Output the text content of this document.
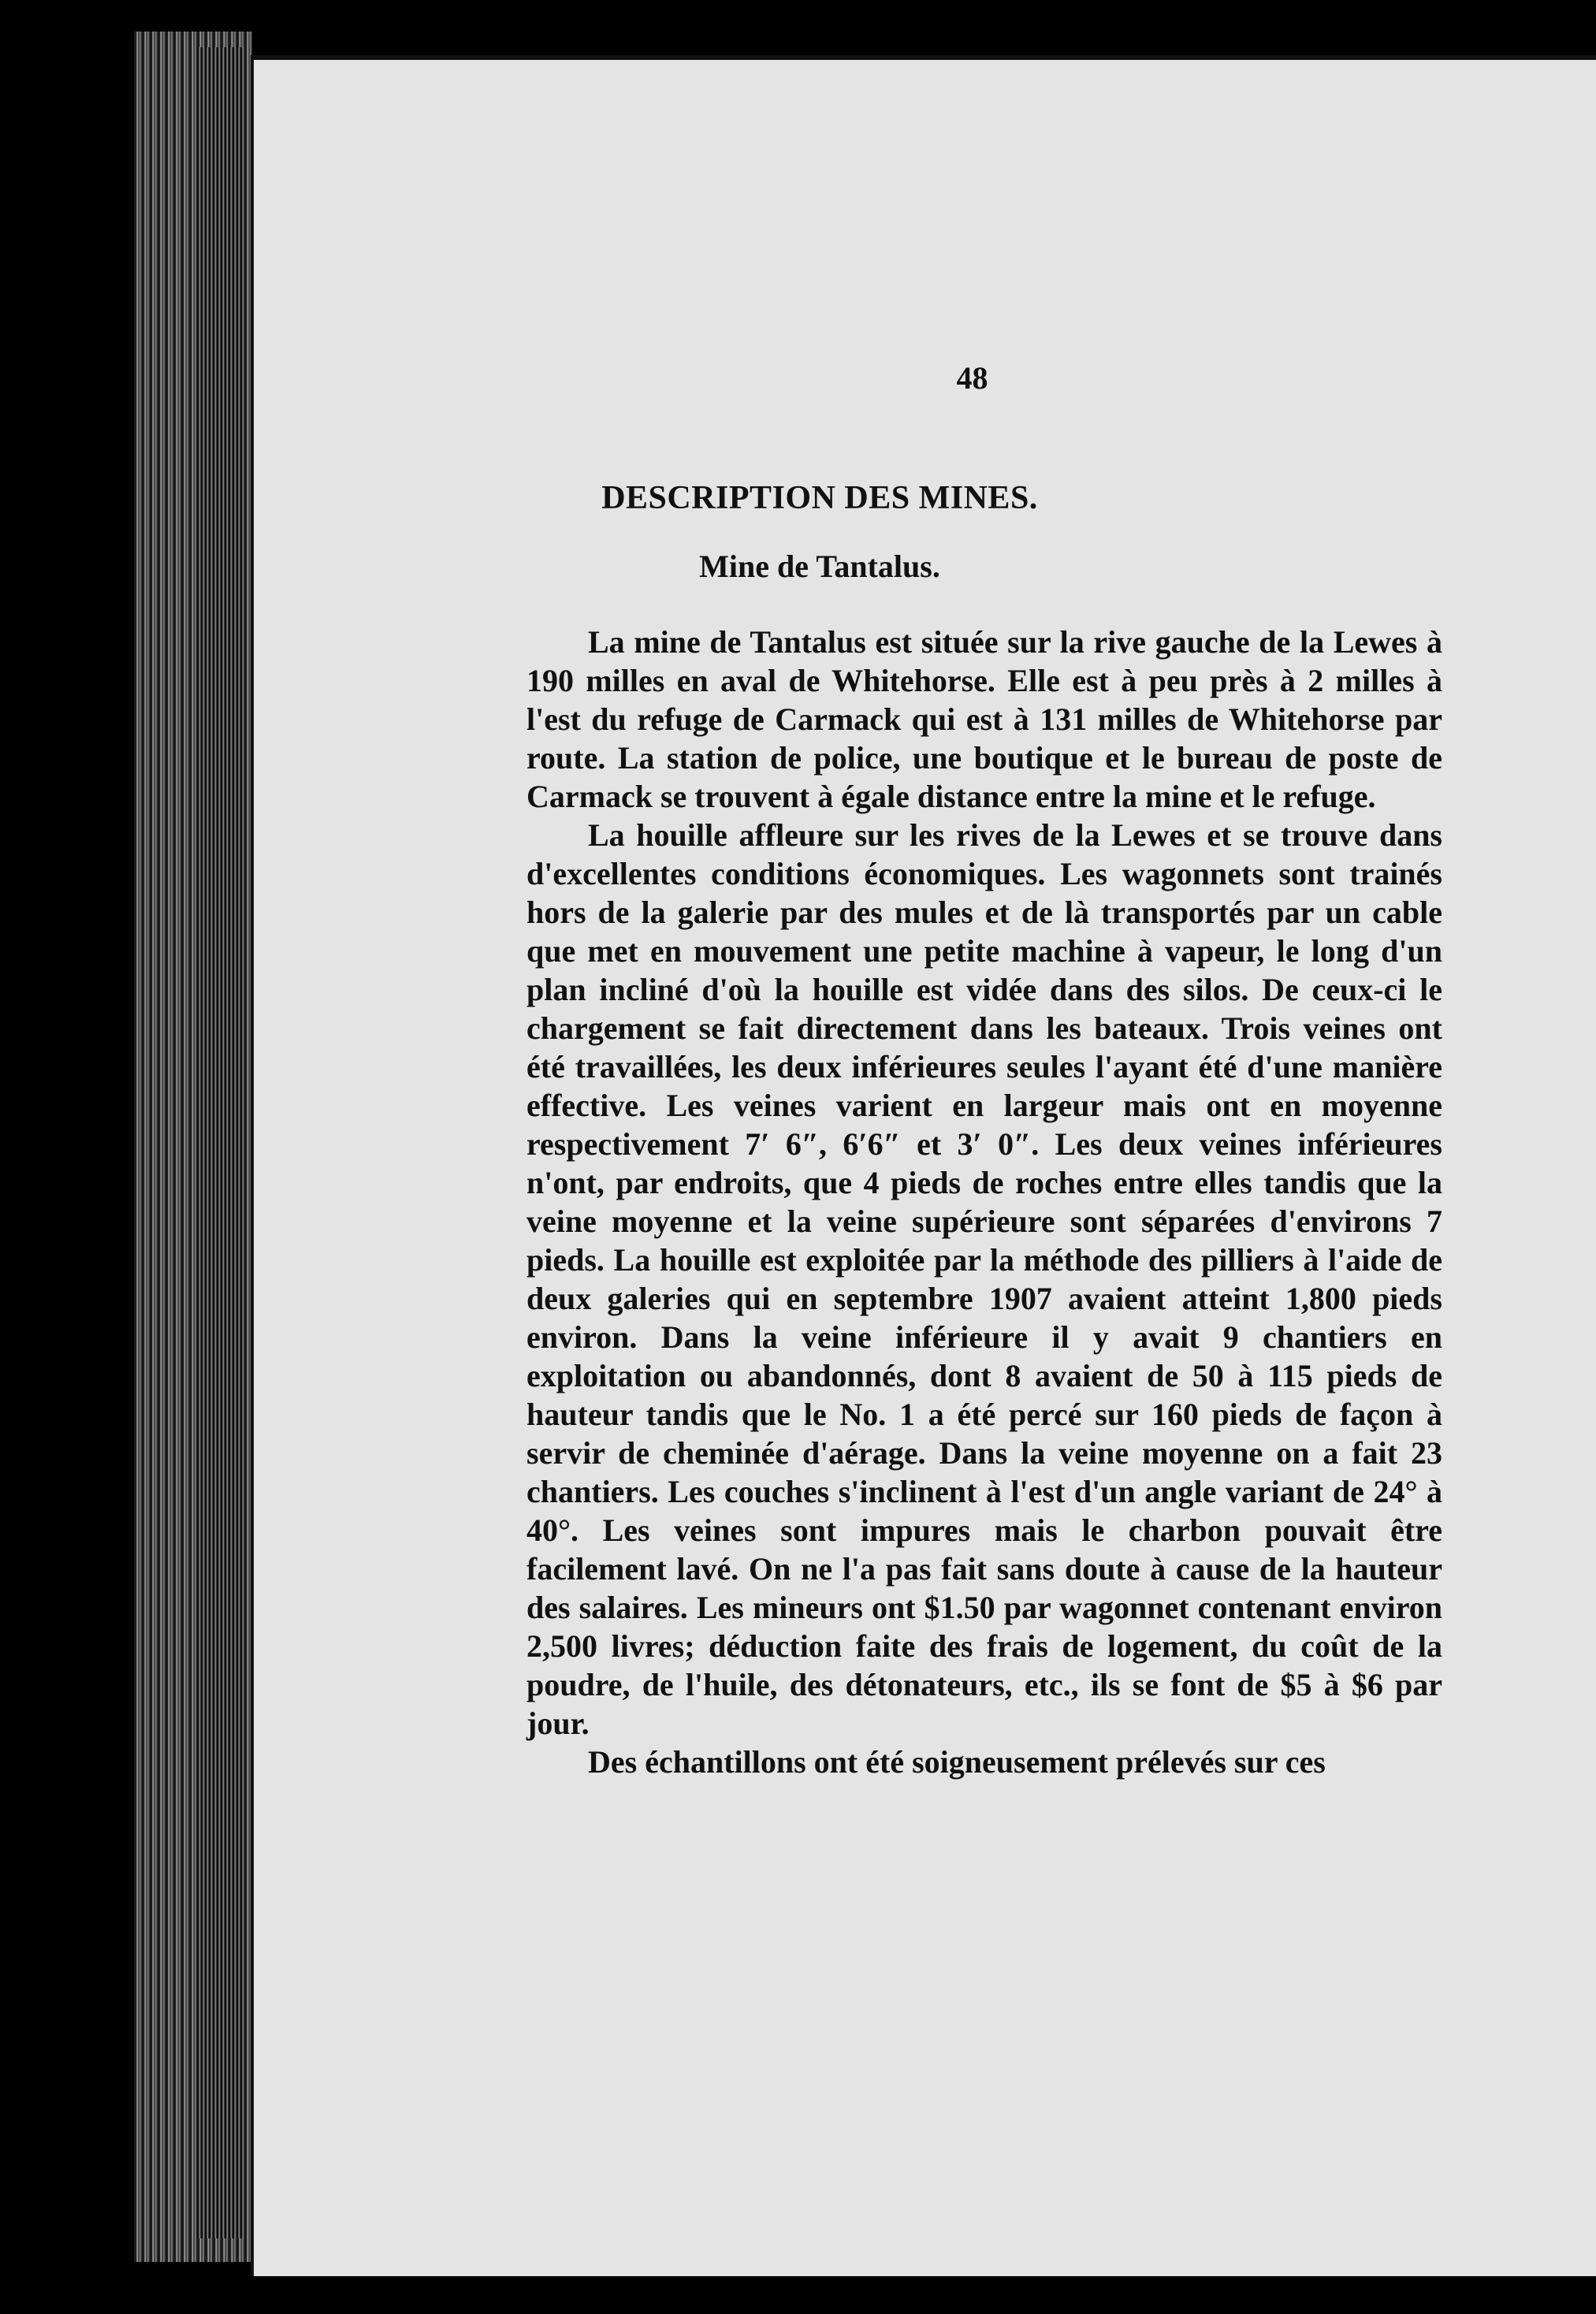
48
DESCRIPTION DES MINES.
Mine de Tantalus.

La mine de Tantalus est située sur la rive gauche de la Lewes à 190 milles en aval de Whitehorse. Elle est à peu près à 2 milles à l'est du refuge de Carmack qui est à 131 milles de Whitehorse par route. La station de police, une boutique et le bureau de poste de Carmack se trouvent à égale distance entre la mine et le refuge.

La houille affleure sur les rives de la Lewes et se trouve dans d'excellentes conditions économiques. Les wagonnets sont trainés hors de la galerie par des mules et de là transportés par un cable que met en mouvement une petite machine à vapeur, le long d'un plan incliné d'où la houille est vidée dans des silos. De ceux-ci le chargement se fait directement dans les bateaux. Trois veines ont été travaillées, les deux inférieures seules l'ayant été d'une manière effective. Les veines varient en largeur mais ont en moyenne respectivement 7′ 6″, 6′6″ et 3′ 0″. Les deux veines inférieures n'ont, par endroits, que 4 pieds de roches entre elles tandis que la veine moyenne et la veine supérieure sont séparées d'environs 7 pieds. La houille est exploitée par la méthode des pilliers à l'aide de deux galeries qui en septembre 1907 avaient atteint 1,800 pieds environ. Dans la veine inférieure il y avait 9 chantiers en exploitation ou abandonnés, dont 8 avaient de 50 à 115 pieds de hauteur tandis que le No. 1 a été percé sur 160 pieds de façon à servir de cheminée d'aérage. Dans la veine moyenne on a fait 23 chantiers. Les couches s'inclinent à l'est d'un angle variant de 24° à 40°. Les veines sont impures mais le charbon pouvait être facilement lavé. On ne l'a pas fait sans doute à cause de la hauteur des salaires. Les mineurs ont $1.50 par wagonnet contenant environ 2,500 livres; déduction faite des frais de logement, du coût de la poudre, de l'huile, des détonateurs, etc., ils se font de $5 à $6 par jour.

Des échantillons ont été soigneusement prélevés sur ces
